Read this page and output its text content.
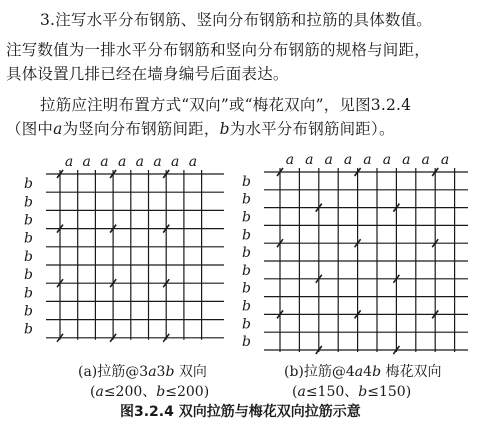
3.注写水平分布钢筋、竖向分布钢筋和拉筋的具体数值。
注写数值为一排水平分布钢筋和竖向分布钢筋的规格与间距，
具体设置几排已经在墙身编号后面表达。
拉筋应注明布置方式“双向”或“梅花双向”，见图3.2.4
（图中a为竖向分布钢筋间距，b为水平分布钢筋间距）。
a a a a a a a a
b
b
b
b
b
b
b
b
b
a a a a a a a a a
b
b
b
b
b
b
b
b
b
b
(a)拉筋@3a3b 双向
(a≤200、b≤200)
(b)拉筋@4a4b 梅花双向
(a≤150、b≤150)
图3.2.4 双向拉筋与梅花双向拉筋示意
